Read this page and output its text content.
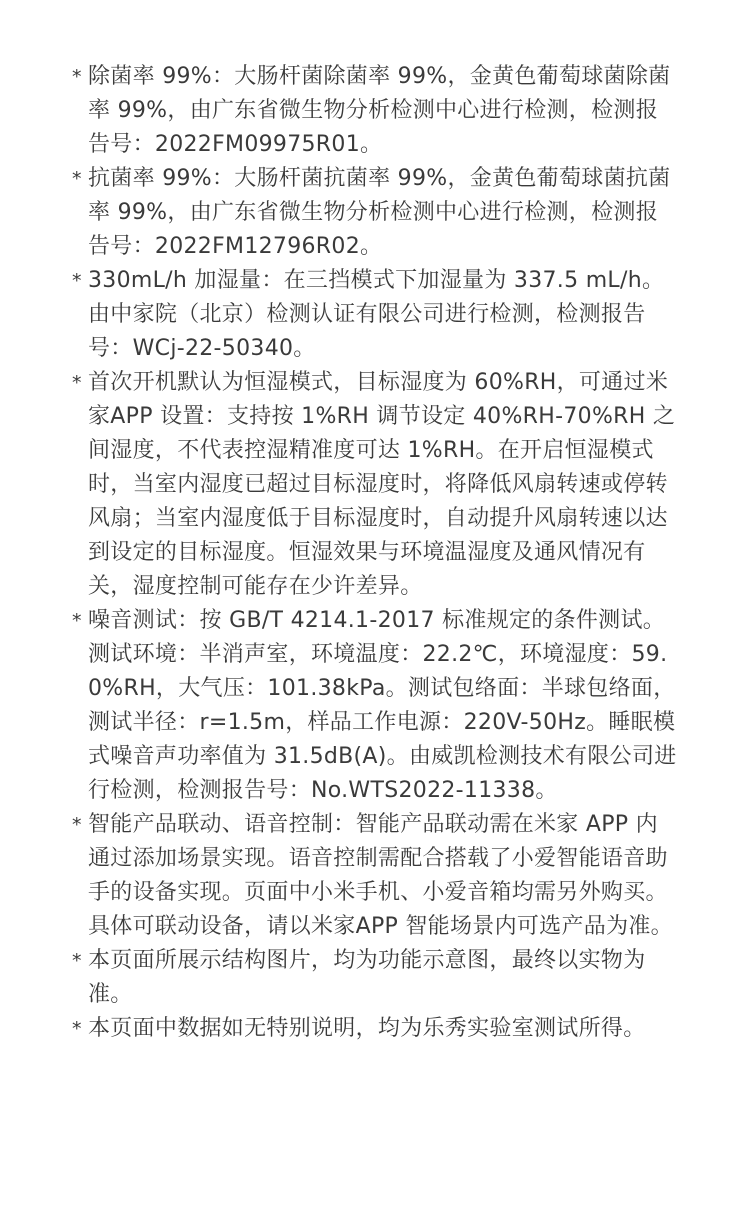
* 除菌率 99%：大肠杆菌除菌率 99%，金黄色葡萄球菌除菌率 99%，由广东省微生物分析检测中心进行检测，检测报告号：2022FM09975R01。
* 抗菌率 99%：大肠杆菌抗菌率 99%，金黄色葡萄球菌抗菌率 99%，由广东省微生物分析检测中心进行检测，检测报告号：2022FM12796R02。
* 330mL/h 加湿量：在三挡模式下加湿量为 337.5 mL/h。由中家院（北京）检测认证有限公司进行检测，检测报告号：WCj-22-50340。
* 首次开机默认为恒湿模式，目标湿度为 60%RH，可通过米家APP 设置：支持按 1%RH 调节设定 40%RH-70%RH 之间湿度，不代表控湿精准度可达 1%RH。在开启恒湿模式时，当室内湿度已超过目标湿度时，将降低风扇转速或停转风扇；当室内湿度低于目标湿度时，自动提升风扇转速以达到设定的目标湿度。恒湿效果与环境温湿度及通风情况有关，湿度控制可能存在少许差异。
* 噪音测试：按 GB/T 4214.1-2017 标准规定的条件测试。测试环境：半消声室，环境温度：22.2℃，环境湿度：59.0%RH，大气压：101.38kPa。测试包络面：半球包络面，测试半径：r=1.5m，样品工作电源：220V-50Hz。睡眠模式噪音声功率值为 31.5dB(A)。由威凯检测技术有限公司进行检测，检测报告号：No.WTS2022-11338。
* 智能产品联动、语音控制：智能产品联动需在米家 APP 内通过添加场景实现。语音控制需配合搭载了小爱智能语音助手的设备实现。页面中小米手机、小爱音箱均需另外购买。具体可联动设备，请以米家APP 智能场景内可选产品为准。
* 本页面所展示结构图片，均为功能示意图，最终以实物为准。
* 本页面中数据如无特别说明，均为乐秀实验室测试所得。
